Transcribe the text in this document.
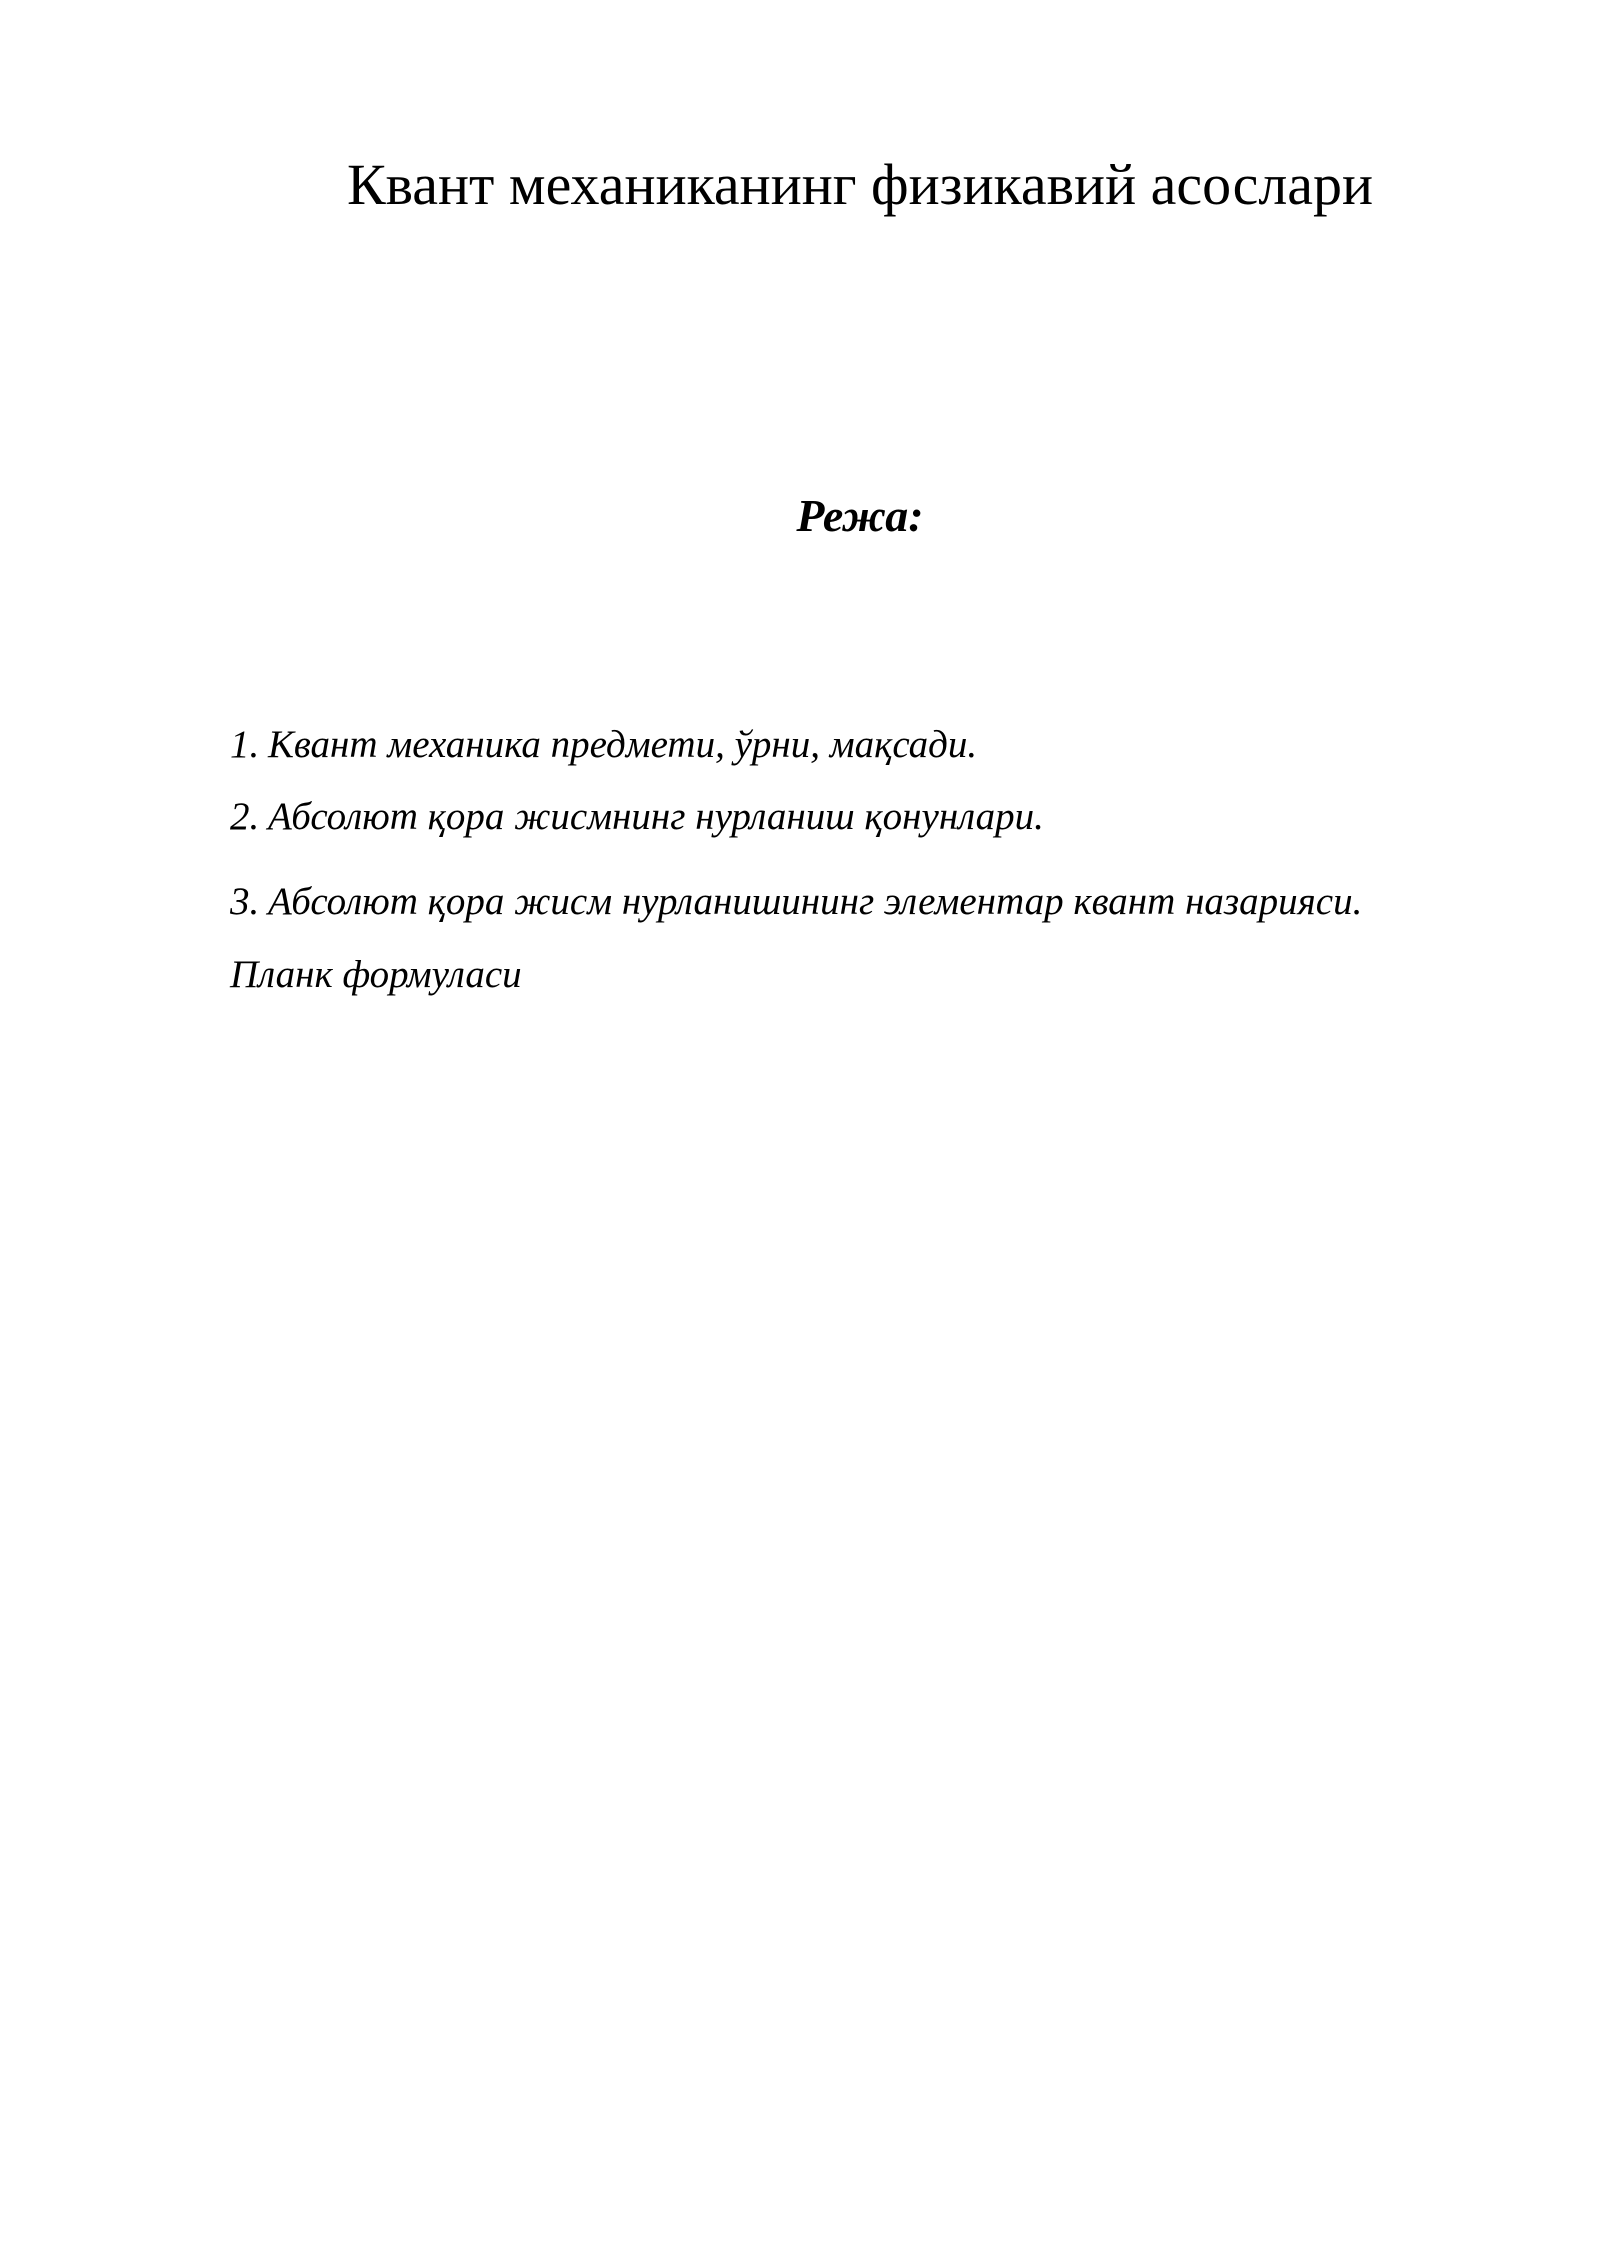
Квант механиканинг физикавий асослари
Режа:
1. Квант механика предмети, ўрни, мақсади.
2. Абсолют қора жисмнинг нурланиш қонунлари.
3. Абсолют қора жисм нурланишининг элементар квант назарияси.
Планк формуласи
